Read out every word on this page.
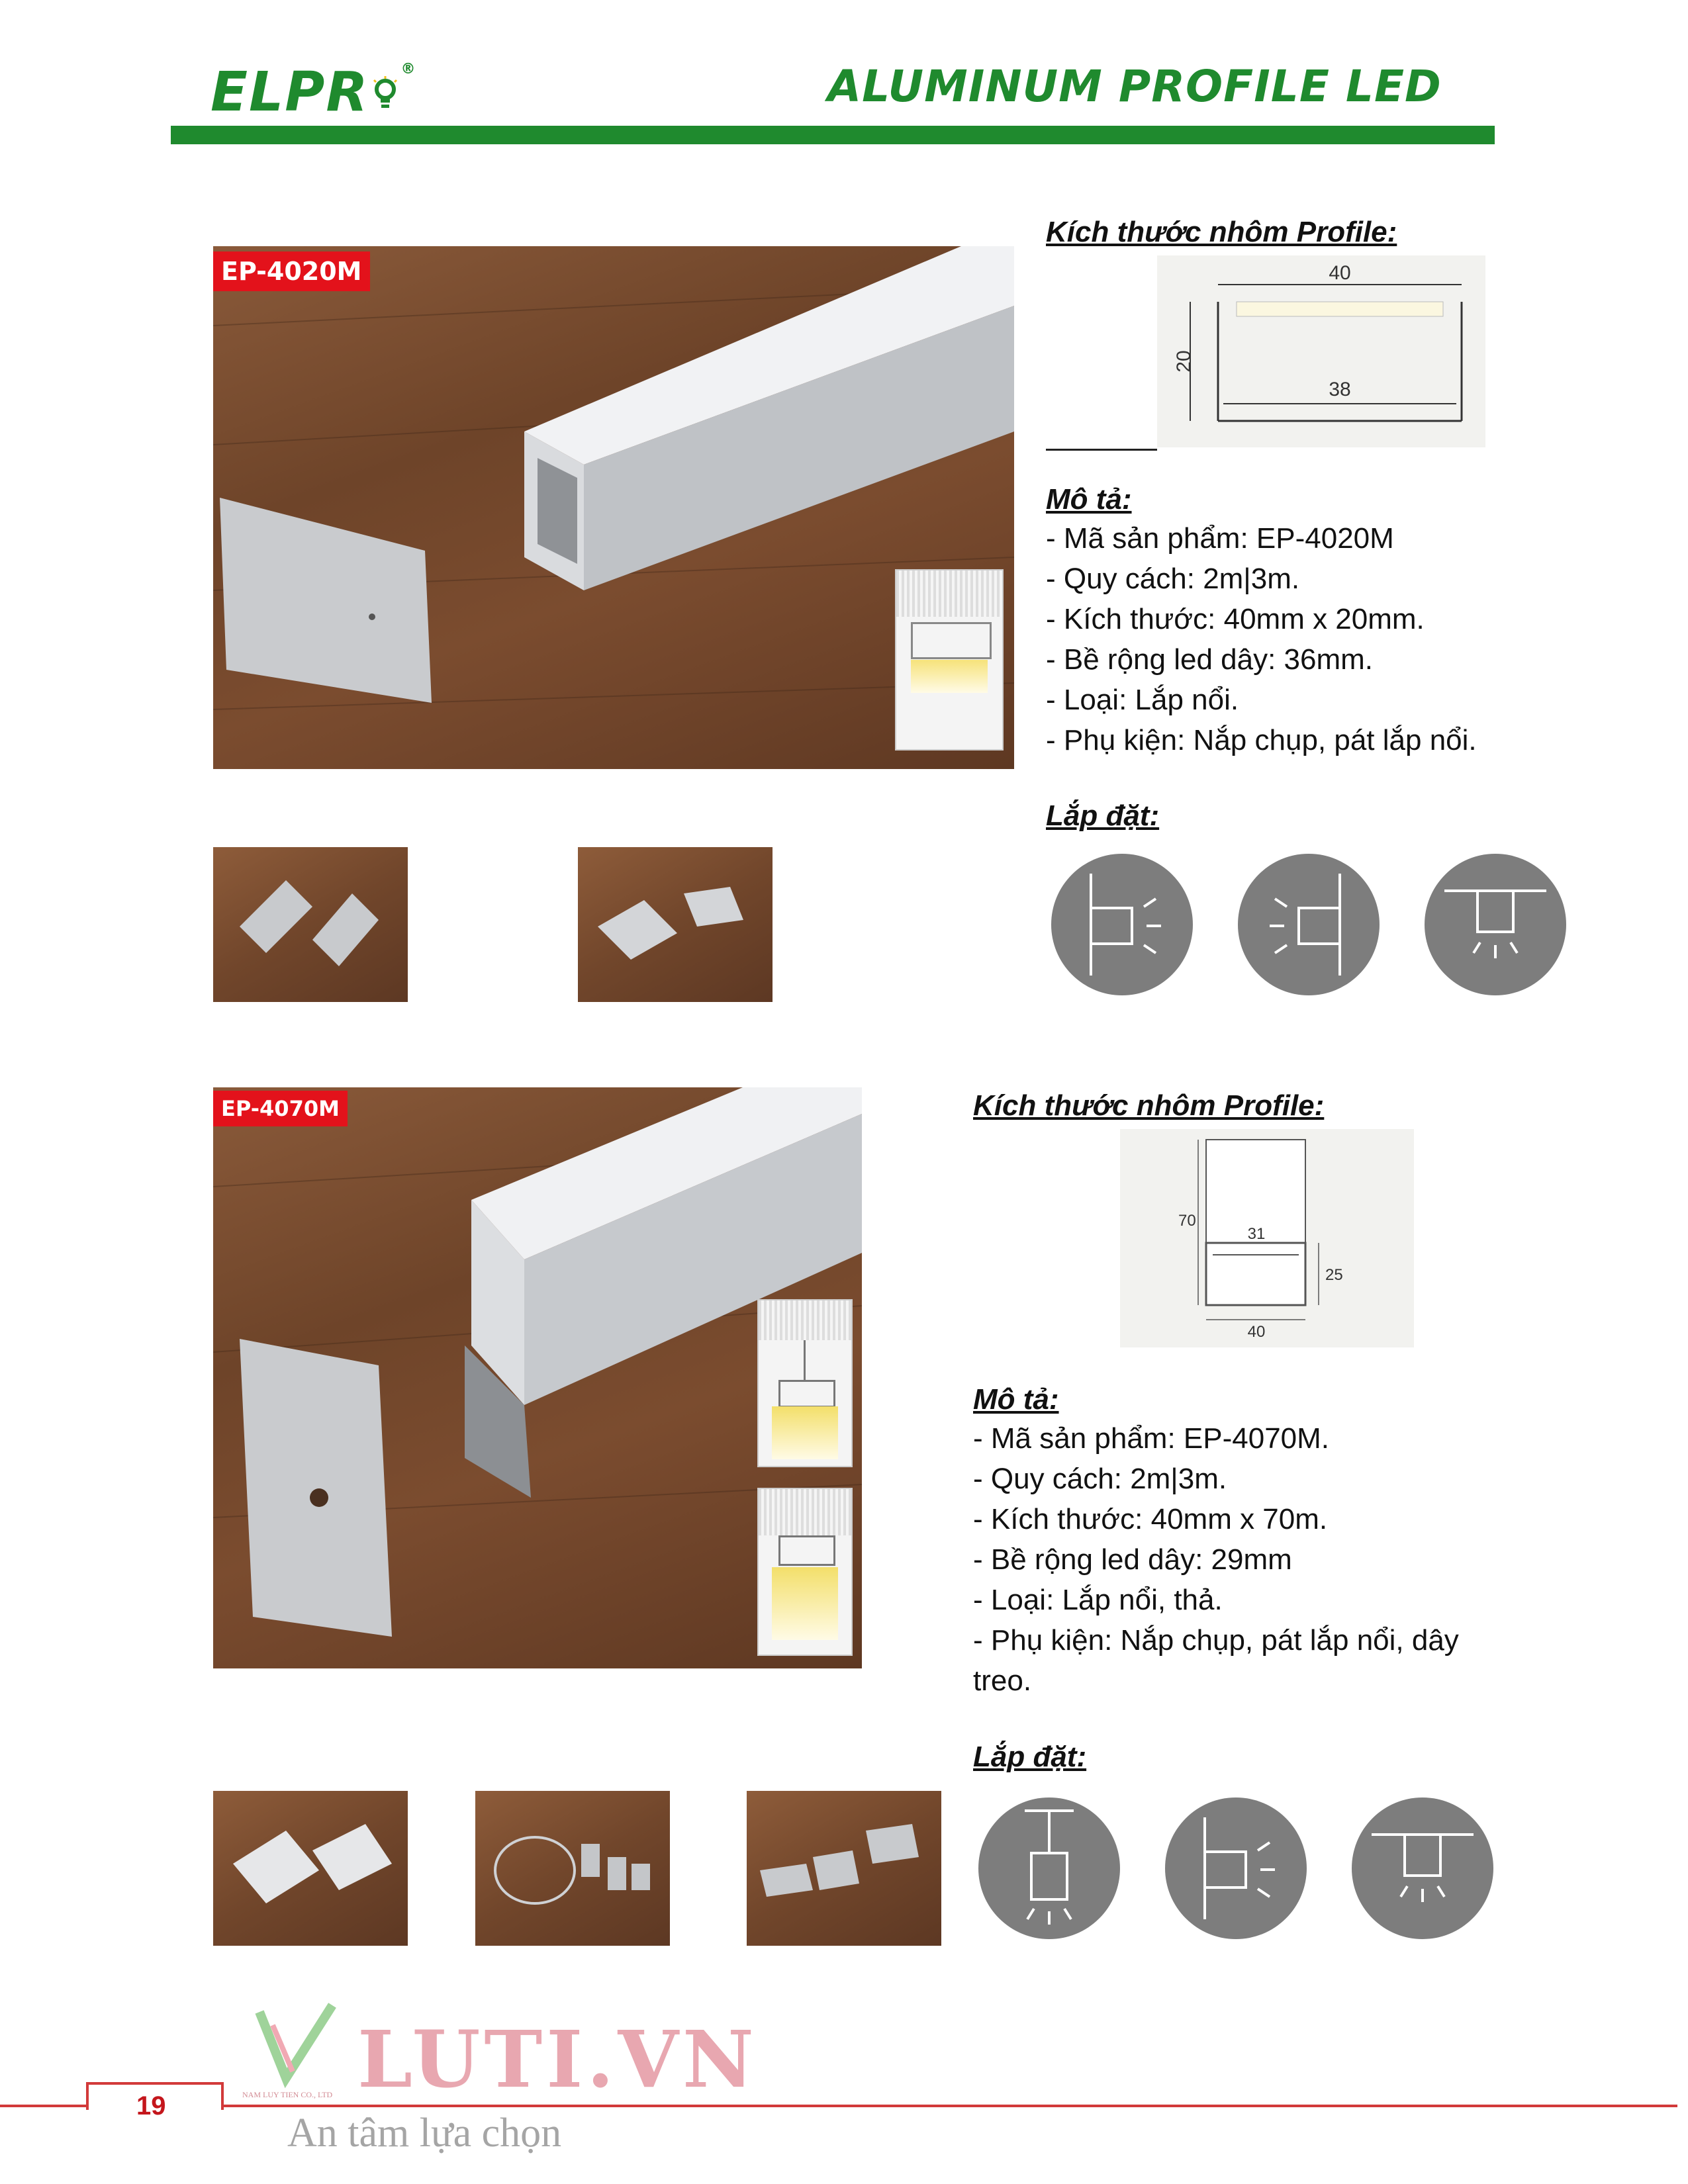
ELPR ®	ALUMINUM PROFILE LED
EP-4020M
Kích thước nhôm Profile:
40
38
20
Mô tả:
- Mã sản phẩm: EP-4020M
- Quy cách: 2m|3m.
- Kích thước: 40mm x 20mm.
- Bề rộng led dây: 36mm.
- Loại: Lắp nổi.
- Phụ kiện: Nắp chụp, pát lắp nổi.
Lắp đặt:
EP-4070M	Kích thước nhôm Profile:
70
31
25
40
Mô tả:
- Mã sản phẩm: EP-4070M.
- Quy cách: 2m|3m.
- Kích thước: 40mm x 70m.
- Bề rộng led dây: 29mm
- Loại: Lắp nổi, thả.
- Phụ kiện: Nắp chụp, pát lắp nổi, dây
treo.
Lắp đặt:
19
LUTI.VN
NAM LUY TIEN CO., LTD
An tâm lựa chọn
